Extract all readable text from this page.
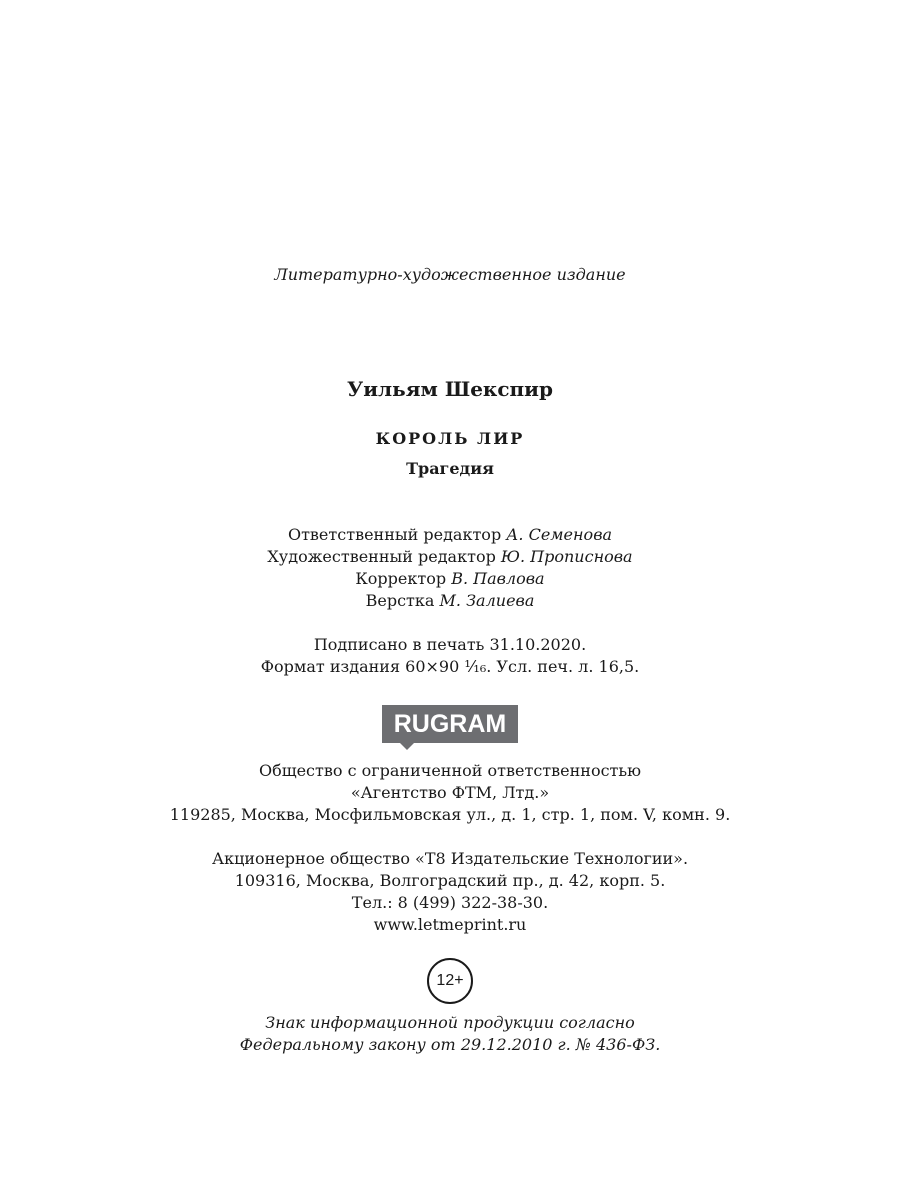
Литературно-художественное издание
Уильям Шекспир
КОРОЛЬ ЛИР
Трагедия
Ответственный редактор А. Семенова
Художественный редактор Ю. Прописнова
Корректор В. Павлова
Верстка М. Залиева
Подписано в печать 31.10.2020.
Формат издания 60×90 ¹⁄₁₆. Усл. печ. л. 16,5.
RUGRAM
Общество с ограниченной ответственностью
«Агентство ФТМ, Лтд.»
119285, Москва, Мосфильмовская ул., д. 1, стр. 1, пом. V, комн. 9.
Акционерное общество «Т8 Издательские Технологии».
109316, Москва, Волгоградский пр., д. 42, корп. 5.
Тел.: 8 (499) 322-38-30.
www.letmeprint.ru
12+
Знак информационной продукции согласно
Федеральному закону от 29.12.2010 г. № 436-ФЗ.
